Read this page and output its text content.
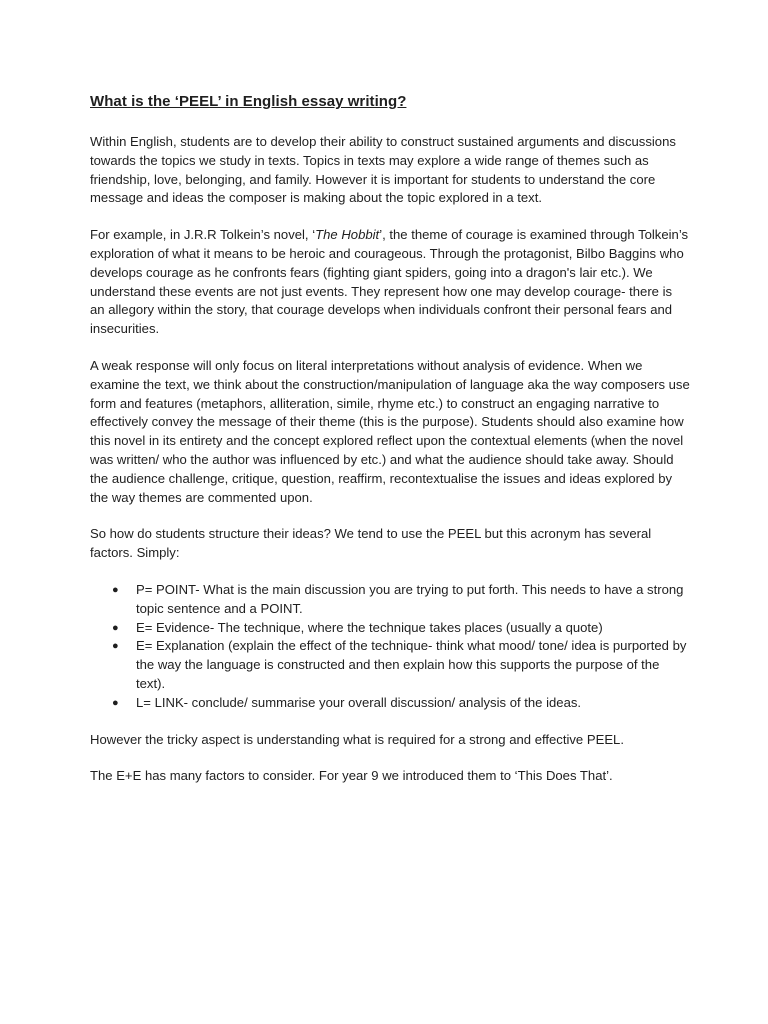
What is the ‘PEEL’ in English essay writing?

Within English, students are to develop their ability to construct sustained arguments and discussions towards the topics we study in texts. Topics in texts may explore a wide range of themes such as friendship, love, belonging, and family. However it is important for students to understand the core message and ideas the composer is making about the topic explored in a text.

For example, in J.R.R Tolkein’s novel, ‘The Hobbit’, the theme of courage is examined through Tolkein’s exploration of what it means to be heroic and courageous. Through the protagonist, Bilbo Baggins who develops courage as he confronts fears (fighting giant spiders, going into a dragon's lair etc.). We understand these events are not just events. They represent how one may develop courage- there is an allegory within the story, that courage develops when individuals confront their personal fears and insecurities.

A weak response will only focus on literal interpretations without analysis of evidence. When we examine the text, we think about the construction/manipulation of language aka the way composers use form and features (metaphors, alliteration, simile, rhyme etc.) to construct an engaging narrative to effectively convey the message of their theme (this is the purpose). Students should also examine how this novel in its entirety and the concept explored reflect upon the contextual elements (when the novel was written/ who the author was influenced by etc.) and what the audience should take away. Should the audience challenge, critique, question, reaffirm, recontextualise the issues and ideas explored by the way themes are commented upon.

So how do students structure their ideas? We tend to use the PEEL but this acronym has several factors. Simply:

● P= POINT- What is the main discussion you are trying to put forth. This needs to have a strong topic sentence and a POINT.
● E= Evidence- The technique, where the technique takes places (usually a quote)
● E= Explanation (explain the effect of the technique- think what mood/ tone/ idea is purported by the way the language is constructed and then explain how this supports the purpose of the text).
● L= LINK- conclude/ summarise your overall discussion/ analysis of the ideas.

However the tricky aspect is understanding what is required for a strong and effective PEEL.

The E+E has many factors to consider. For year 9 we introduced them to ‘This Does That’.
